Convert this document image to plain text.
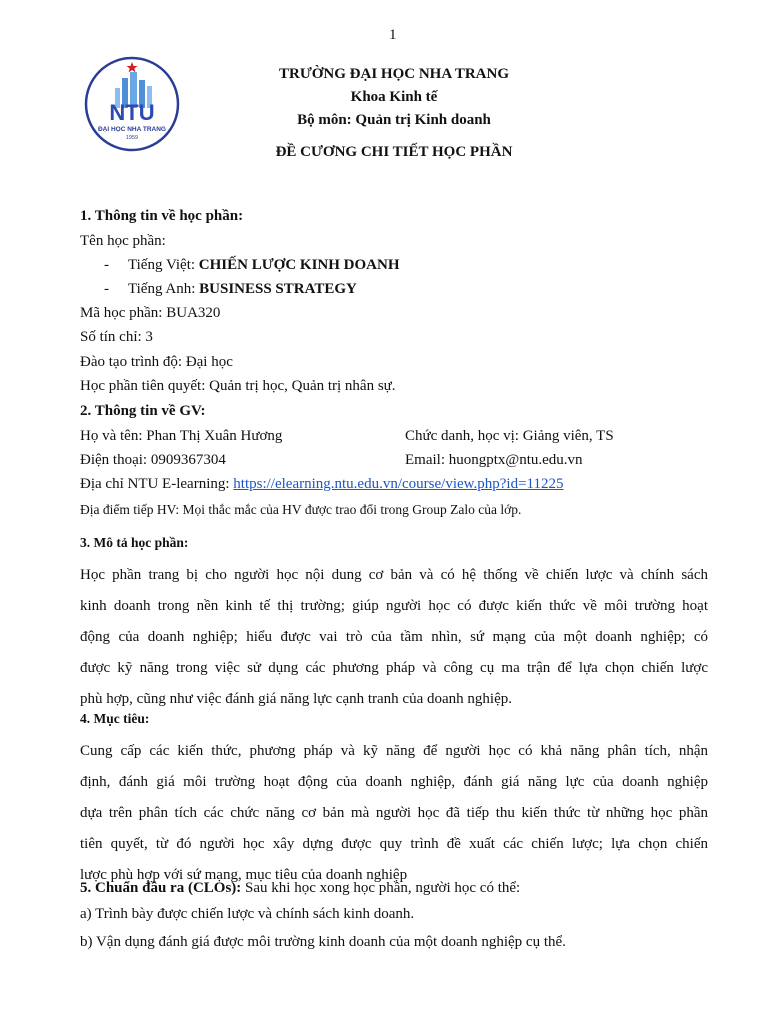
1
NTU
ĐẠI HỌC NHA TRANG
1959
TRƯỜNG ĐẠI HỌC NHA TRANG
Khoa Kinh tế
Bộ môn: Quản trị Kinh doanh
ĐỀ CƯƠNG CHI TIẾT HỌC PHẦN
1. Thông tin về học phần:
Tên học phần:
- Tiếng Việt: CHIẾN LƯỢC KINH DOANH
- Tiếng Anh: BUSINESS STRATEGY
Mã học phần: BUA320
Số tín chỉ: 3
Đào tạo trình độ: Đại học
Học phần tiên quyết: Quản trị học, Quản trị nhân sự.
2. Thông tin về GV:
Họ và tên: Phan Thị Xuân Hương	Chức danh, học vị: Giảng viên, TS
Điện thoại: 0909367304	Email: huongptx@ntu.edu.vn
Địa chỉ NTU E-learning: https://elearning.ntu.edu.vn/course/view.php?id=11225
Địa điểm tiếp HV: Mọi thắc mắc của HV được trao đổi trong Group Zalo của lớp.
3. Mô tả học phần:
Học phần trang bị cho người học nội dung cơ bản và có hệ thống về chiến lược và chính sách
kinh doanh trong nền kinh tế thị trường; giúp người học có được kiến thức về môi trường hoạt
động của doanh nghiệp; hiểu được vai trò của tầm nhìn, sứ mạng của một doanh nghiệp; có
được kỹ năng trong việc sử dụng các phương pháp và công cụ ma trận để lựa chọn chiến lược
phù hợp, cũng như việc đánh giá năng lực cạnh tranh của doanh nghiệp.
4. Mục tiêu:
Cung cấp các kiến thức, phương pháp và kỹ năng để người học có khả năng phân tích, nhận
định, đánh giá môi trường hoạt động của doanh nghiệp, đánh giá năng lực của doanh nghiệp
dựa trên phân tích các chức năng cơ bản mà người học đã tiếp thu kiến thức từ những học phần
tiên quyết, từ đó người học xây dựng được quy trình đề xuất các chiến lược; lựa chọn chiến
lược phù hợp với sứ mạng, mục tiêu của doanh nghiệp
5. Chuẩn đầu ra (CLOs): Sau khi học xong học phần, người học có thể:
a) Trình bày được chiến lược và chính sách kinh doanh.
b) Vận dụng đánh giá được môi trường kinh doanh của một doanh nghiệp cụ thể.
